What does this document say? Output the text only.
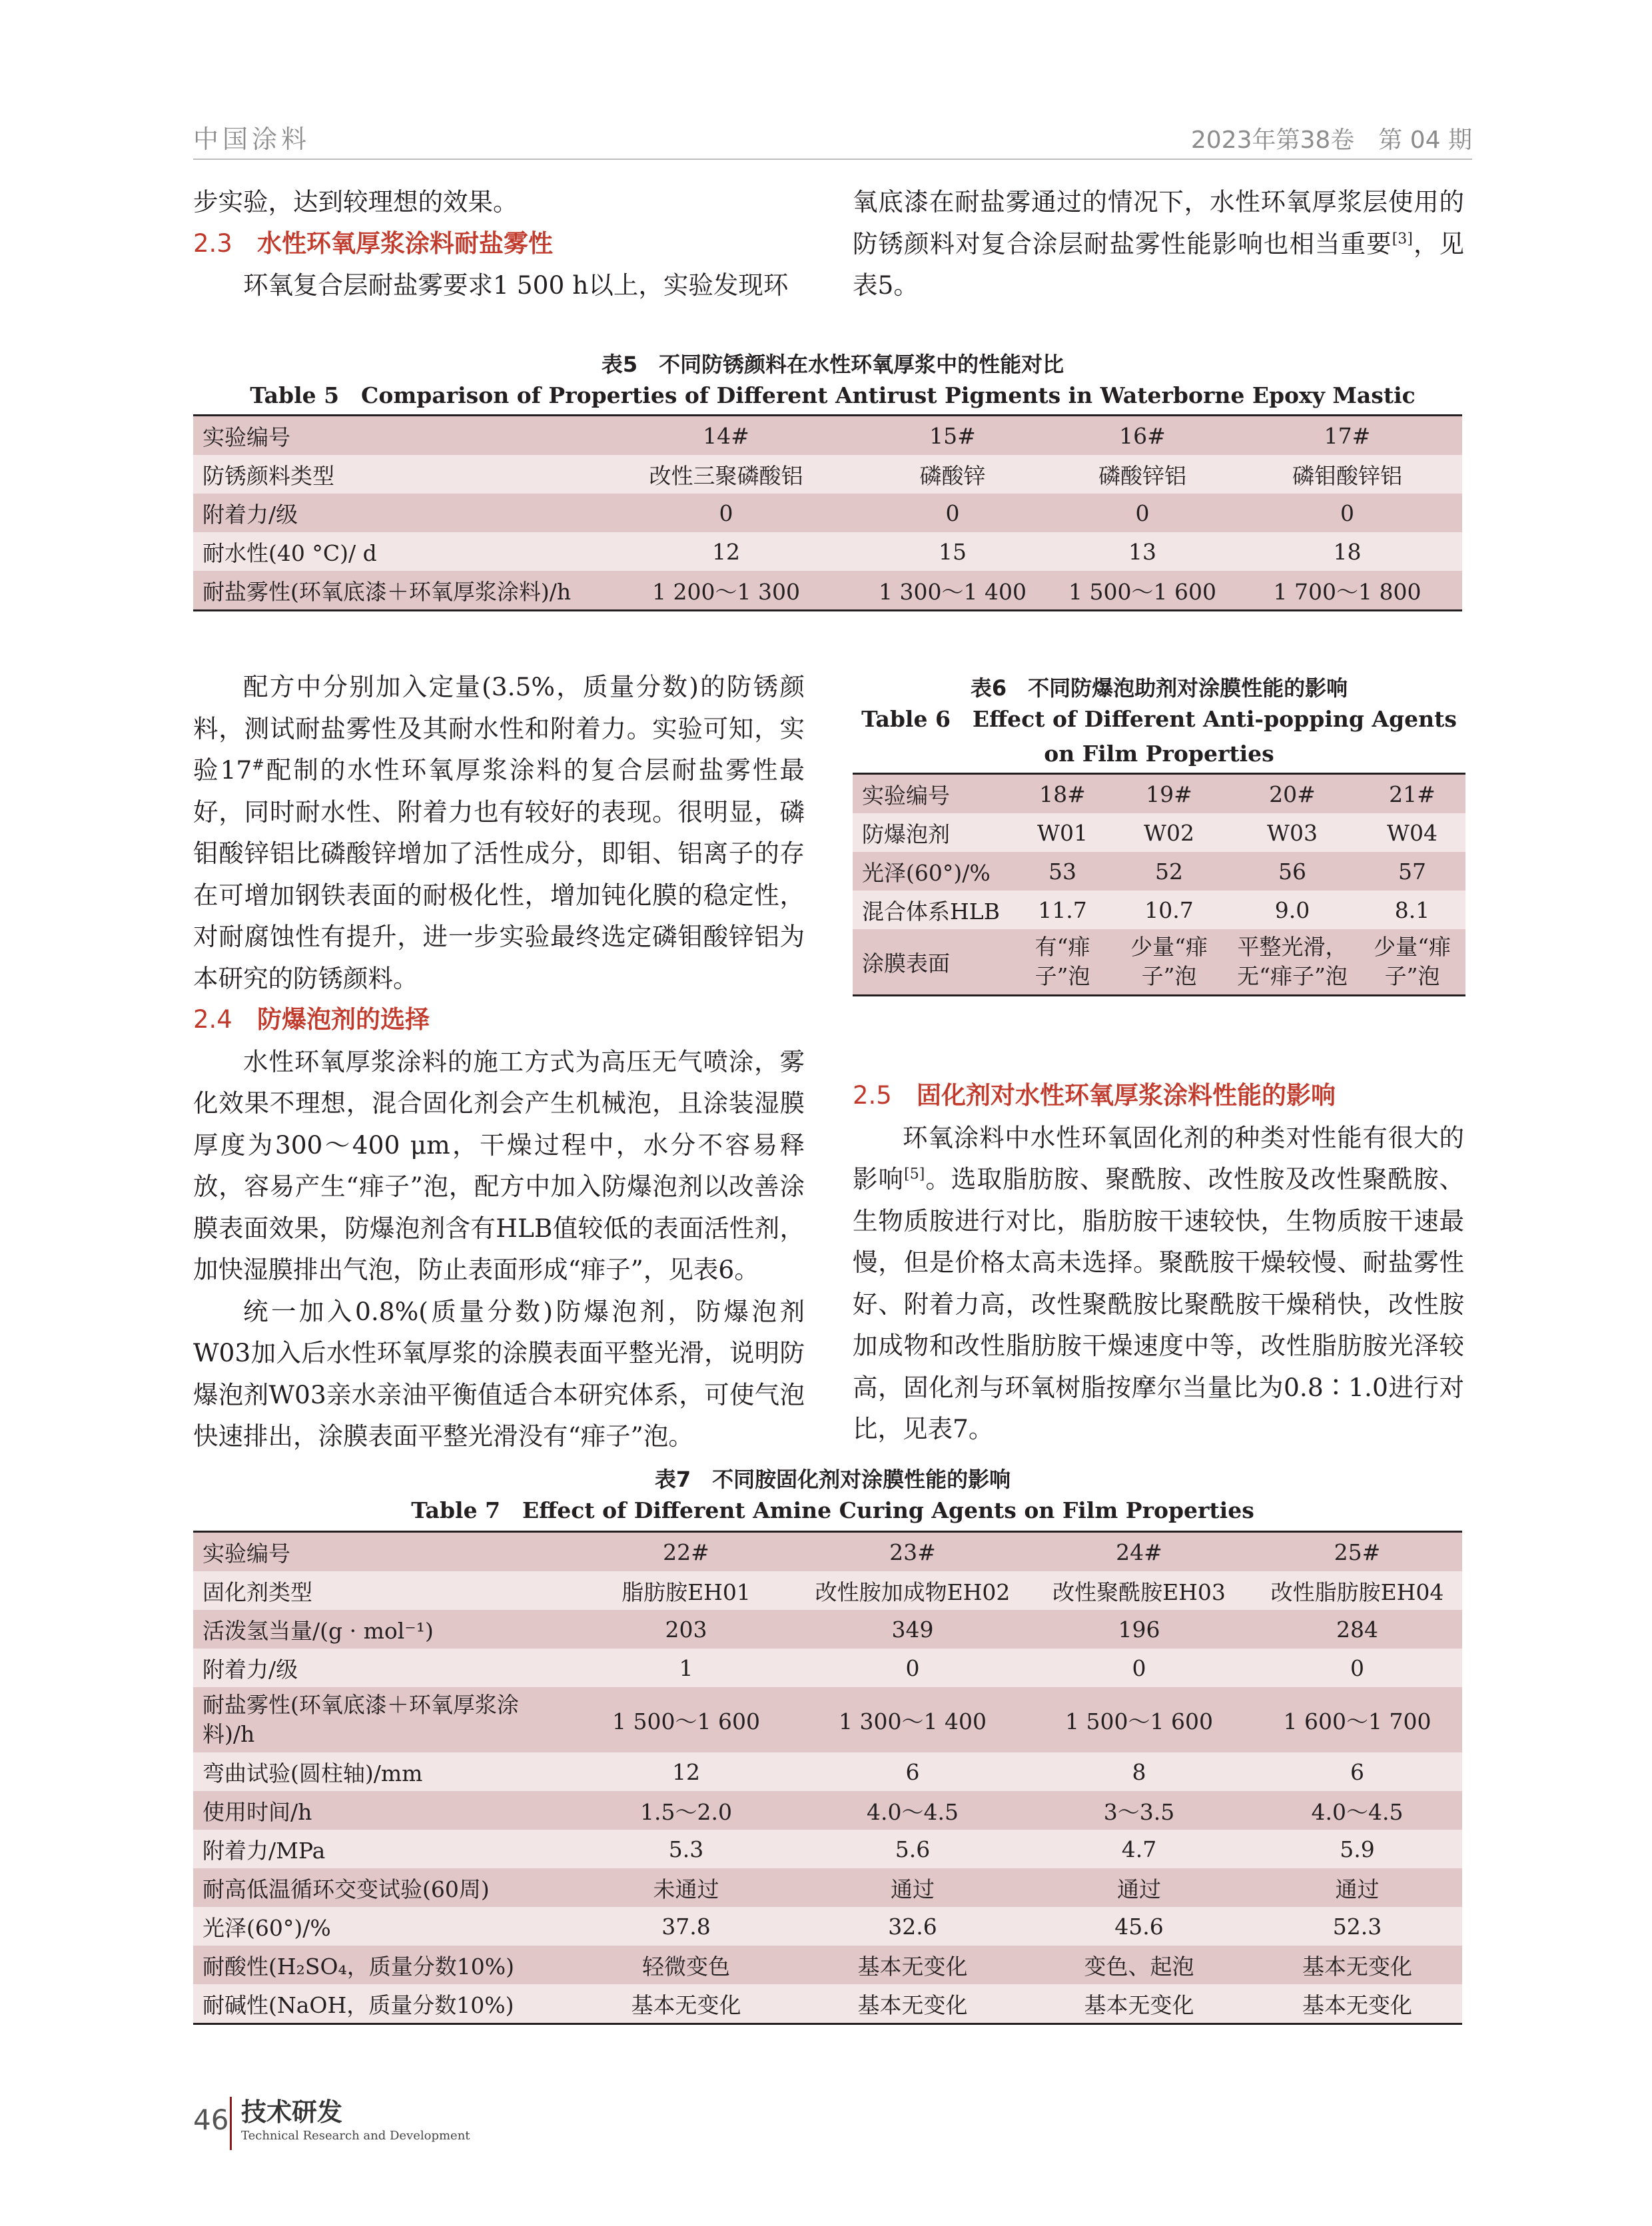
中国涂料	2023年第38卷　第 04 期

步实验，达到较理想的效果。

2.3 水性环氧厚浆涂料耐盐雾性

环氧复合层耐盐雾要求1 500 h以上，实验发现环

氧底漆在耐盐雾通过的情况下，水性环氧厚浆层使用的防锈颜料对复合涂层耐盐雾性能影响也相当重要[3]，见表5。

表5　不同防锈颜料在水性环氧厚浆中的性能对比
Table 5　Comparison of Properties of Different Antirust Pigments in Waterborne Epoxy Mastic
实验编号	14#	15#	16#	17#
防锈颜料类型	改性三聚磷酸铝	磷酸锌	磷酸锌铝	磷钼酸锌铝
附着力/级	0	0	0	0
耐水性(40 °C)/ d	12	15	13	18
耐盐雾性(环氧底漆＋环氧厚浆涂料)/h	1 200～1 300	1 300～1 400	1 500～1 600	1 700～1 800

配方中分别加入定量(3.5%，质量分数)的防锈颜料，测试耐盐雾性及其耐水性和附着力。实验可知，实验17#配制的水性环氧厚浆涂料的复合层耐盐雾性最好，同时耐水性、附着力也有较好的表现。很明显，磷钼酸锌铝比磷酸锌增加了活性成分，即钼、铝离子的存在可增加钢铁表面的耐极化性，增加钝化膜的稳定性，对耐腐蚀性有提升，进一步实验最终选定磷钼酸锌铝为本研究的防锈颜料。

2.4 防爆泡剂的选择

水性环氧厚浆涂料的施工方式为高压无气喷涂，雾化效果不理想，混合固化剂会产生机械泡，且涂装湿膜厚度为300～400 μm，干燥过程中，水分不容易释放，容易产生“痱子”泡，配方中加入防爆泡剂以改善涂膜表面效果，防爆泡剂含有HLB值较低的表面活性剂，加快湿膜排出气泡，防止表面形成“痱子”，见表6。

统一加入0.8%(质量分数)防爆泡剂，防爆泡剂W03加入后水性环氧厚浆的涂膜表面平整光滑，说明防爆泡剂W03亲水亲油平衡值适合本研究体系，可使气泡快速排出，涂膜表面平整光滑没有“痱子”泡。

表6　不同防爆泡助剂对涂膜性能的影响
Table 6　Effect of Different Anti-popping Agents on Film Properties
实验编号	18#	19#	20#	21#
防爆泡剂	W01	W02	W03	W04
光泽(60°)/%	53	52	56	57
混合体系HLB	11.7	10.7	9.0	8.1
涂膜表面	有“痱子”泡	少量“痱子”泡	平整光滑，无“痱子”泡	少量“痱子”泡

2.5 固化剂对水性环氧厚浆涂料性能的影响

环氧涂料中水性环氧固化剂的种类对性能有很大的影响[5]。选取脂肪胺、聚酰胺、改性胺及改性聚酰胺、生物质胺进行对比，脂肪胺干速较快，生物质胺干速最慢，但是价格太高未选择。聚酰胺干燥较慢、耐盐雾性好、附着力高，改性聚酰胺比聚酰胺干燥稍快，改性胺加成物和改性脂肪胺干燥速度中等，改性脂肪胺光泽较高，固化剂与环氧树脂按摩尔当量比为0.8∶1.0进行对比，见表7。

表7　不同胺固化剂对涂膜性能的影响
Table 7　Effect of Different Amine Curing Agents on Film Properties
实验编号	22#	23#	24#	25#
固化剂类型	脂肪胺EH01	改性胺加成物EH02	改性聚酰胺EH03	改性脂肪胺EH04
活泼氢当量/(g · mol⁻¹)	203	349	196	284
附着力/级	1	0	0	0
耐盐雾性(环氧底漆＋环氧厚浆涂料)/h	1 500～1 600	1 300～1 400	1 500～1 600	1 600～1 700
弯曲试验(圆柱轴)/mm	12	6	8	6
使用时间/h	1.5～2.0	4.0～4.5	3～3.5	4.0～4.5
附着力/MPa	5.3	5.6	4.7	5.9
耐高低温循环交变试验(60周)	未通过	通过	通过	通过
光泽(60°)/%	37.8	32.6	45.6	52.3
耐酸性(H₂SO₄，质量分数10%)	轻微变色	基本无变化	变色、起泡	基本无变化
耐碱性(NaOH，质量分数10%)	基本无变化	基本无变化	基本无变化	基本无变化
46 技术研发
Technical Research and Development
